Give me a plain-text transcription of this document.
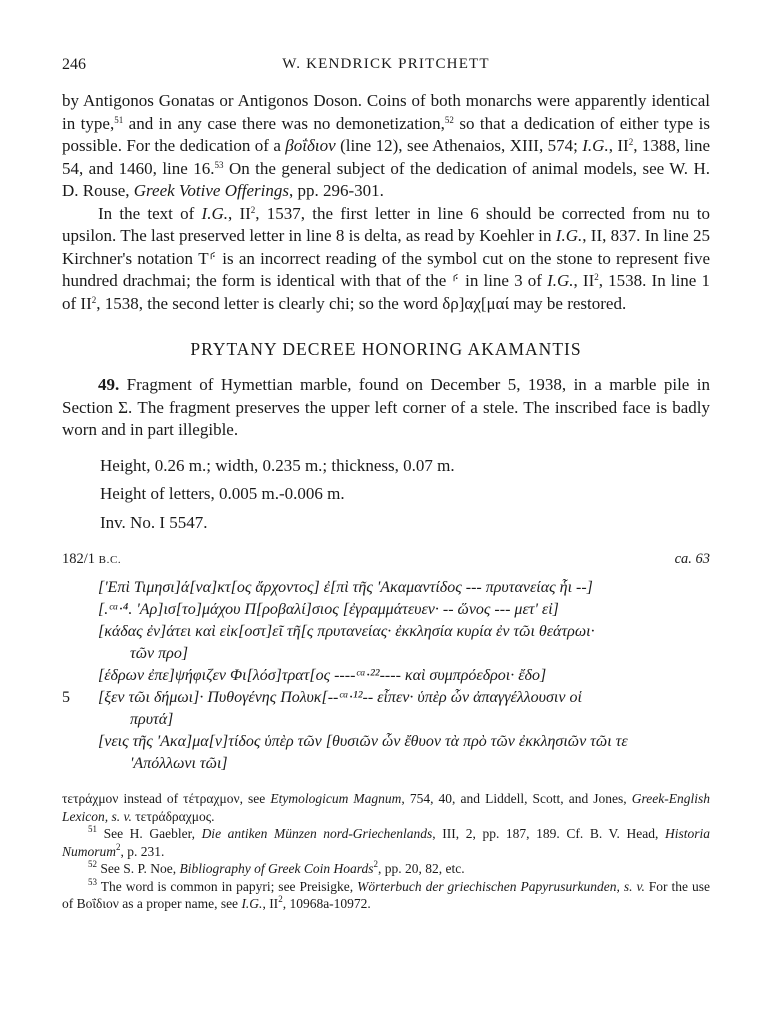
246	W. KENDRICK PRITCHETT

by Antigonos Gonatas or Antigonos Doson. Coins of both monarchs were apparently identical in type,$^{51}$ and in any case there was no demonetization,$^{52}$ so that a dedication of either type is possible. For the dedication of a βοΐδιον (line 12), see Athenaios, XIII, 574; I.G., $II^2$, 1388, line 54, and 1460, line 16.53 On the general subject of the dedication of animal models, see W. H. D. Rouse, Greek Votive Offerings, pp. 296-301.

In the text of I.G., $II^2$, 1537, the first letter in line 6 should be corrected from nu to upsilon. The last preserved letter in line 8 is delta, as read by Koehler in I.G., II, 837. In line 25 Kirchner's notation Τ⸄ is an incorrect reading of the symbol cut on the stone to represent five hundred drachmai; the form is identical with that of the ⸄ in line 3 of I.G., $II^2$, 1538. In line 1 of $II^2$, 1538, the second letter is clearly chi; so the word δρ]αχ[μαί may be restored.

PRYTANY DECREE HONORING AKAMANTIS

49. Fragment of Hymettian marble, found on December 5, 1938, in a marble pile in Section Σ. The fragment preserves the upper left corner of a stele. The inscribed face is badly worn and in part illegible.

Height, 0.26 m.; width, 0.235 m.; thickness, 0.07 m.
Height of letters, 0.005 m.-0.006 m.
Inv. No. I 5547.
182/1 B.C.	ca. 63
['Επὶ Τιμησι]ά[να]κτ[ος ἄρχοντος] ἐ[πὶ τῆς 'Ακαμαντίδος --- πρυτανείας ἧι --]
[.ᶜᵃ·⁴. 'Αρ]ισ[το]μάχου Π[ροβαλί]σιος [ἐγραμμάτευεν· -- ὥνος --- μετ' εἰ]
[κάδας ἐν]άτει καὶ εἰκ[οστ]εῖ τῆ[ς πρυτανείας· ἐκκλησία κυρία ἐν τῶι θεάτρωι·
τῶν προ]
[έδρων ἐπε]ψήφιζεν Φι[λόσ]τρατ[ος ----ᶜᵃ·²²---- καὶ συμπρόεδροι· ἔδο]
5 [ξεν τῶι δήμωι]· Πυθογένης Πολυκ[--ᶜᵃ·¹²-- εἶπεν· ὑπὲρ ὧν ἀπαγγέλλουσιν οἱ
πρυτά]
[νεις τῆς 'Ακα]μα[ν]τίδος ὑπὲρ τῶν [θυσιῶν ὧν ἔθυον τὰ πρὸ τῶν ἐκκλησιῶν τῶι τε
'Απόλλωνι τῶι]

τετράχμον instead of τέτραχμον, see Etymologicum Magnum, 754, 40, and Liddell, Scott, and Jones, Greek-English Lexicon, s. v. τετράδραχμος.

$^{51}$ See H. Gaebler, Die antiken Münzen nord-Griechenlands, III, 2, pp. 187, 189. Cf. B. V. Head, Historia Numorum$^2$, p. 231.

$^{52}$ See S. P. Noe, Bibliography of Greek Coin Hoards$^2$, pp. 20, 82, etc.

$^{53}$ The word is common in papyri; see Preisigke, Wörterbuch der griechischen Papyrusurkunden, s. v. For the use of Βοΐδιον as a proper name, see I.G., $II^2$, 10968a-10972.
